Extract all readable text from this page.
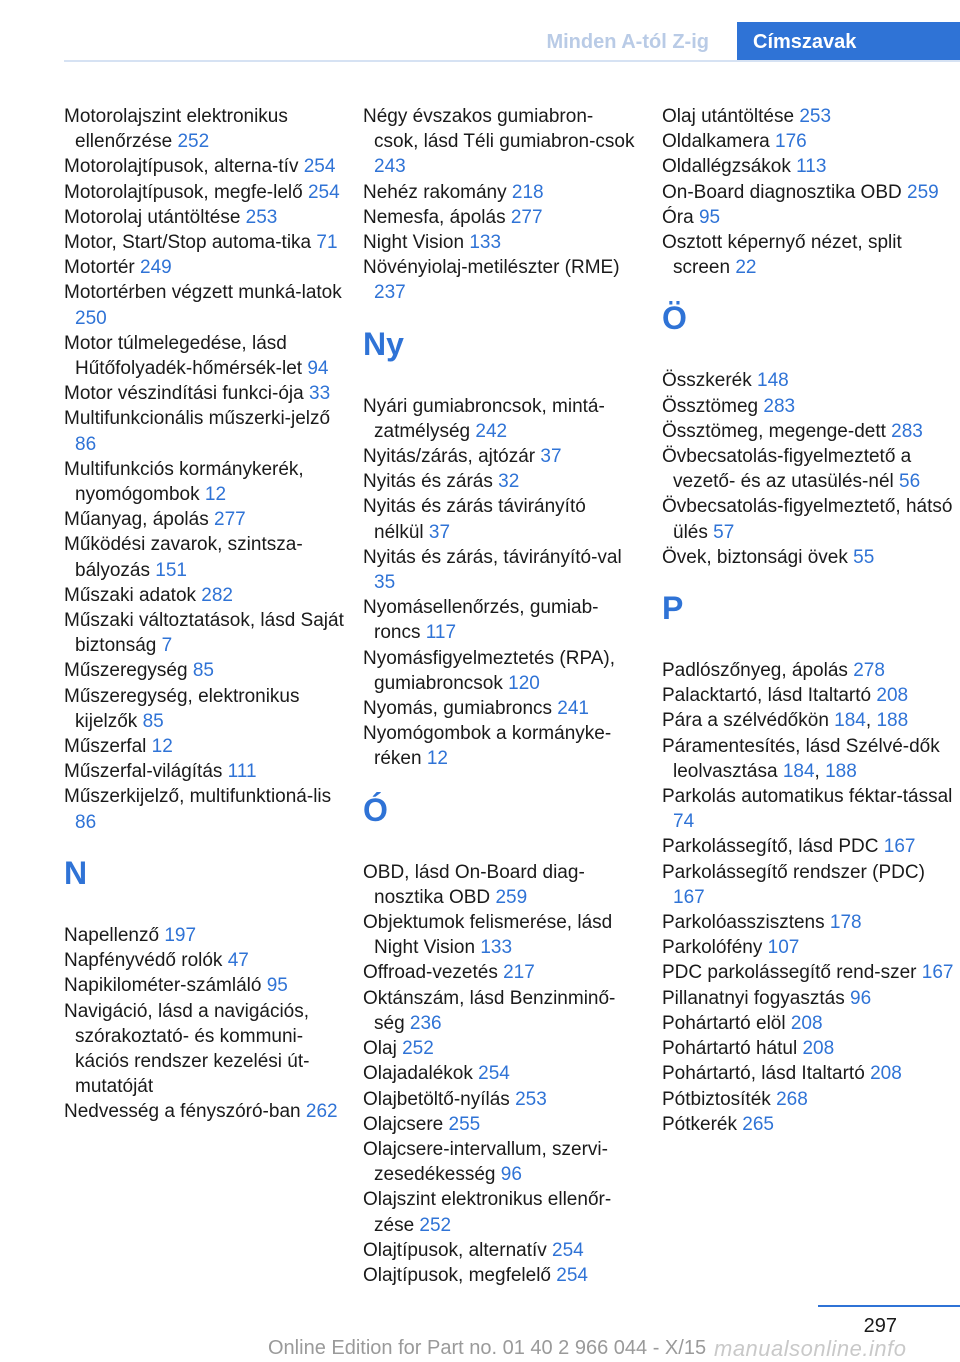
Minden A-tól Z-ig	Címszavak
Motorolajszint elektronikus ellenőrzése 252
Motorolajtípusok, alterna-tív 254
Motorolajtípusok, megfe-lelő 254
Motorolaj utántöltése 253
Motor, Start/Stop automa-tika 71
Motortér 249
Motortérben végzett munká-latok 250
Motor túlmelegedése, lásd Hűtőfolyadék-hőmérsék-let 94
Motor vészindítási funkci-ója 33
Multifunkcionális műszerki-jelző 86
Multifunkciós kormánykerék, nyomógombok 12
Műanyag, ápolás 277
Működési zavarok, szintsza-bályozás 151
Műszaki adatok 282
Műszaki változtatások, lásd Saját biztonság 7
Műszeregység 85
Műszeregység, elektronikus kijelzők 85
Műszerfal 12
Műszerfal-világítás 111
Műszerkijelző, multifunktioná-lis 86
N
Napellenző 197
Napfényvédő rolók 47
Napikilométer-számláló 95
Navigáció, lásd a navigációs, szórakoztató- és kommuni-kációs rendszer kezelési út-mutatóját
Nedvesség a fényszóró-ban 262
Négy évszakos gumiabron-csok, lásd Téli gumiabron-csok 243
Nehéz rakomány 218
Nemesfa, ápolás 277
Night Vision 133
Növényiolaj-metilészter (RME) 237
Ny
Nyári gumiabroncsok, mintá-zatmélység 242
Nyitás/zárás, ajtózár 37
Nyitás és zárás 32
Nyitás és zárás távirányító nélkül 37
Nyitás és zárás, távirányító-val 35
Nyomásellenőrzés, gumiab-roncs 117
Nyomásfigyelmeztetés (RPA), gumiabroncsok 120
Nyomás, gumiabroncs 241
Nyomógombok a kormányke-réken 12
Ó
OBD, lásd On-Board diag-nosztika OBD 259
Objektumok felismerése, lásd Night Vision 133
Offroad-vezetés 217
Oktánszám, lásd Benzinminő-ség 236
Olaj 252
Olajadalékok 254
Olajbetöltő-nyílás 253
Olajcsere 255
Olajcsere-intervallum, szervi-zesedékesség 96
Olajszint elektronikus ellenőr-zése 252
Olajtípusok, alternatív 254
Olajtípusok, megfelelő 254
Olaj utántöltése 253
Oldalkamera 176
Oldallégzsákok 113
On-Board diagnosztika OBD 259
Óra 95
Osztott képernyő nézet, split screen 22
Ö
Összkerék 148
Össztömeg 283
Össztömeg, megenge-dett 283
Övbecsatolás-figyelmeztető a vezető- és az utasülés-nél 56
Övbecsatolás-figyelmeztető, hátsó ülés 57
Övek, biztonsági övek 55
P
Padlószőnyeg, ápolás 278
Palacktartó, lásd Italtartó 208
Pára a szélvédőkön 184, 188
Páramentesítés, lásd Szélvé-dők leolvasztása 184, 188
Parkolás automatikus féktar-tással 74
Parkolássegítő, lásd PDC 167
Parkolássegítő rendszer (PDC) 167
Parkolóasszisztens 178
Parkolófény 107
PDC parkolássegítő rend-szer 167
Pillanatnyi fogyasztás 96
Pohártartó elöl 208
Pohártartó hátul 208
Pohártartó, lásd Italtartó 208
Pótbiztosíték 268
Pótkerék 265
297
Online Edition for Part no. 01 40 2 966 044 - X/15 manualsonline.info
